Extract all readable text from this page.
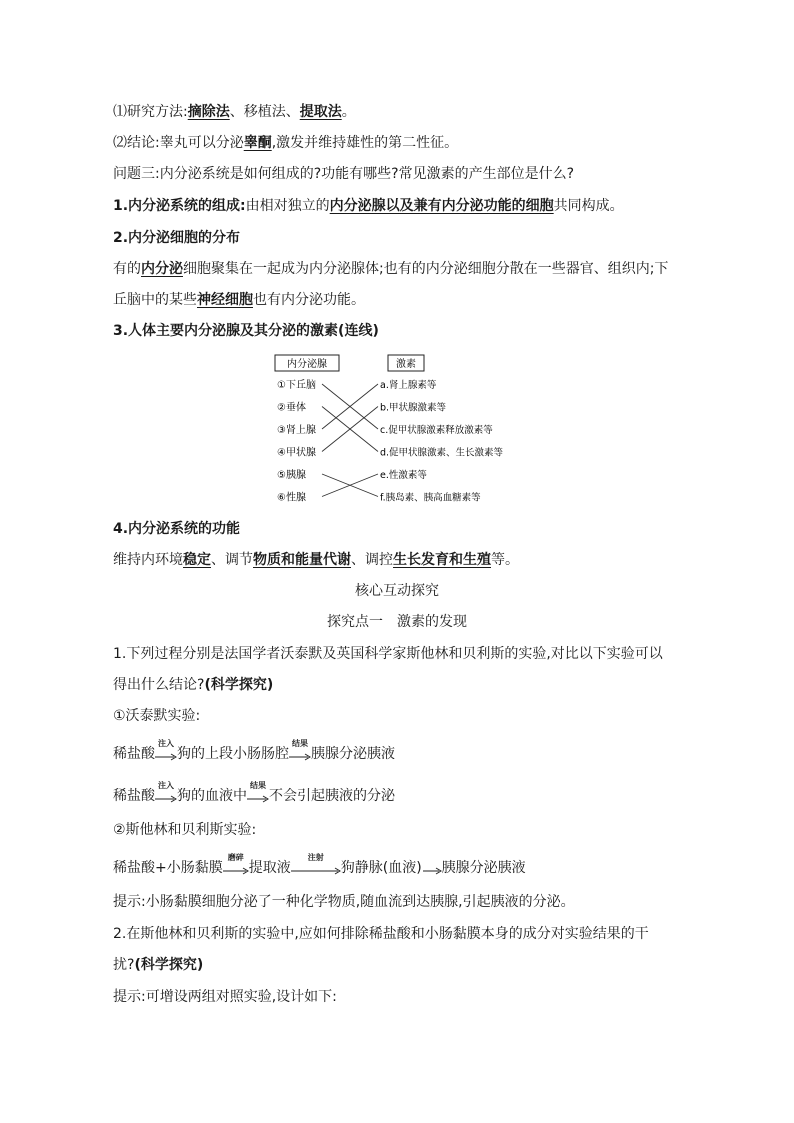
⑴研究方法:摘除法、移植法、提取法。
⑵结论:睾丸可以分泌睾酮,激发并维持雄性的第二性征。
问题三:内分泌系统是如何组成的?功能有哪些?常见激素的产生部位是什么?
1.内分泌系统的组成:由相对独立的内分泌腺以及兼有内分泌功能的细胞共同构成。
2.内分泌细胞的分布
有的内分泌细胞聚集在一起成为内分泌腺体;也有的内分泌细胞分散在一些器官、组织内;下
丘脑中的某些神经细胞也有内分泌功能。
3.人体主要内分泌腺及其分泌的激素(连线)
内分泌腺	激素
①下丘脑
②垂体
③肾上腺
④甲状腺
⑤胰腺
⑥性腺
a.肾上腺素等
b.甲状腺激素等
c.促甲状腺激素释放激素等
d.促甲状腺激素、生长激素等
e.性激素等
f.胰岛素、胰高血糖素等
4.内分泌系统的功能
维持内环境稳定、调节物质和能量代谢、调控生长发育和生殖等。
核心互动探究
探究点一　激素的发现
1.下列过程分别是法国学者沃泰默及英国科学家斯他林和贝利斯的实验,对比以下实验可以
得出什么结论?(科学探究)
①沃泰默实验:
稀盐酸
注入
狗的上段小肠肠腔
结果
胰腺分泌胰液
稀盐酸
注入
狗的血液中
结果
不会引起胰液的分泌
②斯他林和贝利斯实验:
稀盐酸+小肠黏膜
磨碎
提取液
注射
狗静脉(血液) 胰腺分泌胰液
提示:小肠黏膜细胞分泌了一种化学物质,随血流到达胰腺,引起胰液的分泌。
2.在斯他林和贝利斯的实验中,应如何排除稀盐酸和小肠黏膜本身的成分对实验结果的干
扰?(科学探究)
提示:可增设两组对照实验,设计如下:
